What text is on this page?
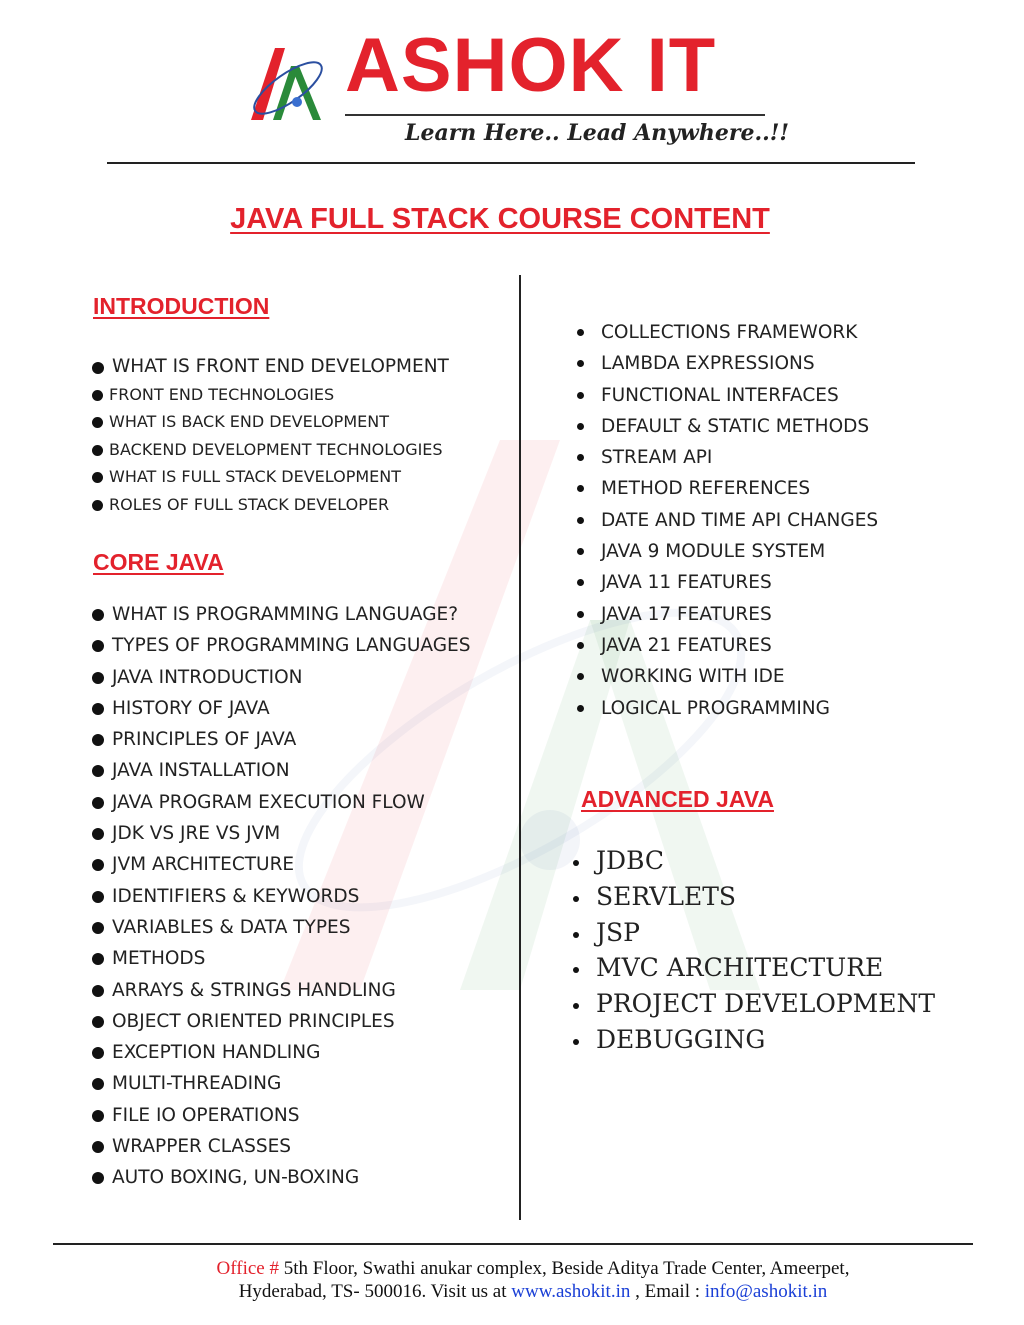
ASHOK IT
Learn Here.. Lead Anywhere..!!
JAVA FULL STACK COURSE CONTENT
INTRODUCTION
WHAT IS FRONT END DEVELOPMENT
FRONT END TECHNOLOGIES
WHAT IS BACK END DEVELOPMENT
BACKEND DEVELOPMENT TECHNOLOGIES
WHAT IS FULL STACK DEVELOPMENT
ROLES OF FULL STACK DEVELOPER
CORE JAVA
WHAT IS PROGRAMMING LANGUAGE?
TYPES OF PROGRAMMING LANGUAGES
JAVA INTRODUCTION
HISTORY OF JAVA
PRINCIPLES OF JAVA
JAVA INSTALLATION
JAVA PROGRAM EXECUTION FLOW
JDK VS JRE VS JVM
JVM ARCHITECTURE
IDENTIFIERS & KEYWORDS
VARIABLES & DATA TYPES
METHODS
ARRAYS & STRINGS HANDLING
OBJECT ORIENTED PRINCIPLES
EXCEPTION HANDLING
MULTI-THREADING
FILE IO OPERATIONS
WRAPPER CLASSES
AUTO BOXING, UN-BOXING
COLLECTIONS FRAMEWORK
LAMBDA EXPRESSIONS
FUNCTIONAL INTERFACES
DEFAULT & STATIC METHODS
STREAM API
METHOD REFERENCES
DATE AND TIME API CHANGES
JAVA 9 MODULE SYSTEM
JAVA 11 FEATURES
JAVA 17 FEATURES
JAVA 21 FEATURES
WORKING WITH IDE
LOGICAL PROGRAMMING
ADVANCED JAVA
JDBC
SERVLETS
JSP
MVC ARCHITECTURE
PROJECT DEVELOPMENT
DEBUGGING
Office # 5th Floor, Swathi anukar complex, Beside Aditya Trade Center, Ameerpet,
Hyderabad, TS- 500016. Visit us at www.ashokit.in , Email : info@ashokit.in
